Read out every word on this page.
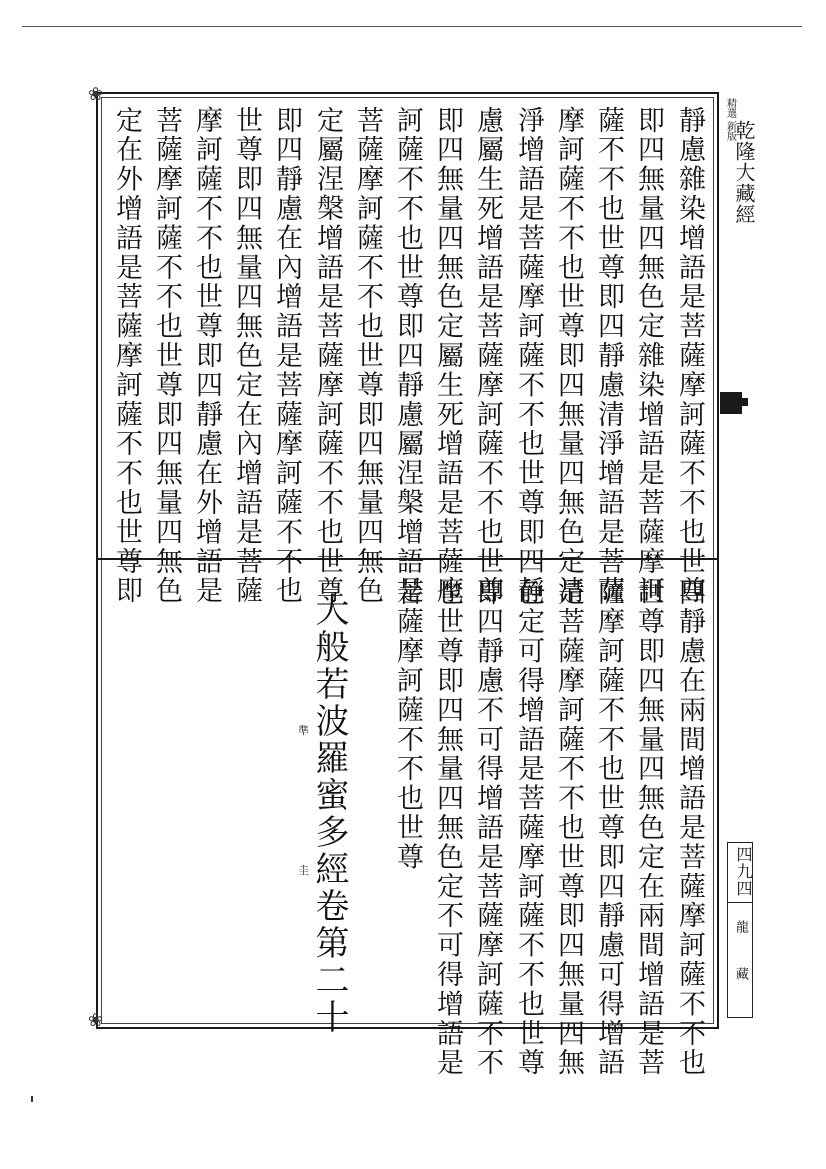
❀
❀
精選 新版
乾隆大藏經
四九四
龍藏
靜慮雜染增語是菩薩摩訶薩不不也世尊
即四無量四無色定雜染增語是菩薩摩訶
薩不不也世尊即四靜慮清淨增語是菩薩
摩訶薩不不也世尊即四無量四無色定清
淨增語是菩薩摩訶薩不不也世尊即四靜
慮屬生死增語是菩薩摩訶薩不不也世尊
即四無量四無色定屬生死增語是菩薩摩
訶薩不不也世尊即四靜慮屬涅槃增語是
菩薩摩訶薩不不也世尊即四無量四無色
定屬涅槃增語是菩薩摩訶薩不不也世尊
即四靜慮在內增語是菩薩摩訶薩不不也
世尊即四無量四無色定在內增語是菩薩
摩訶薩不不也世尊即四靜慮在外增語是
菩薩摩訶薩不不也世尊即四無量四無色
定在外增語是菩薩摩訶薩不不也世尊即
四靜慮在兩間增語是菩薩摩訶薩不不也
世尊即四無量四無色定在兩間增語是菩
薩摩訶薩不不也世尊即四靜慮可得增語
是菩薩摩訶薩不不也世尊即四無量四無
色定可得增語是菩薩摩訶薩不不也世尊
即四靜慮不可得增語是菩薩摩訶薩不不
也世尊即四無量四無色定不可得增語是
菩薩摩訶薩不不也世尊
大般若波羅蜜多經卷第二十
準
圭
